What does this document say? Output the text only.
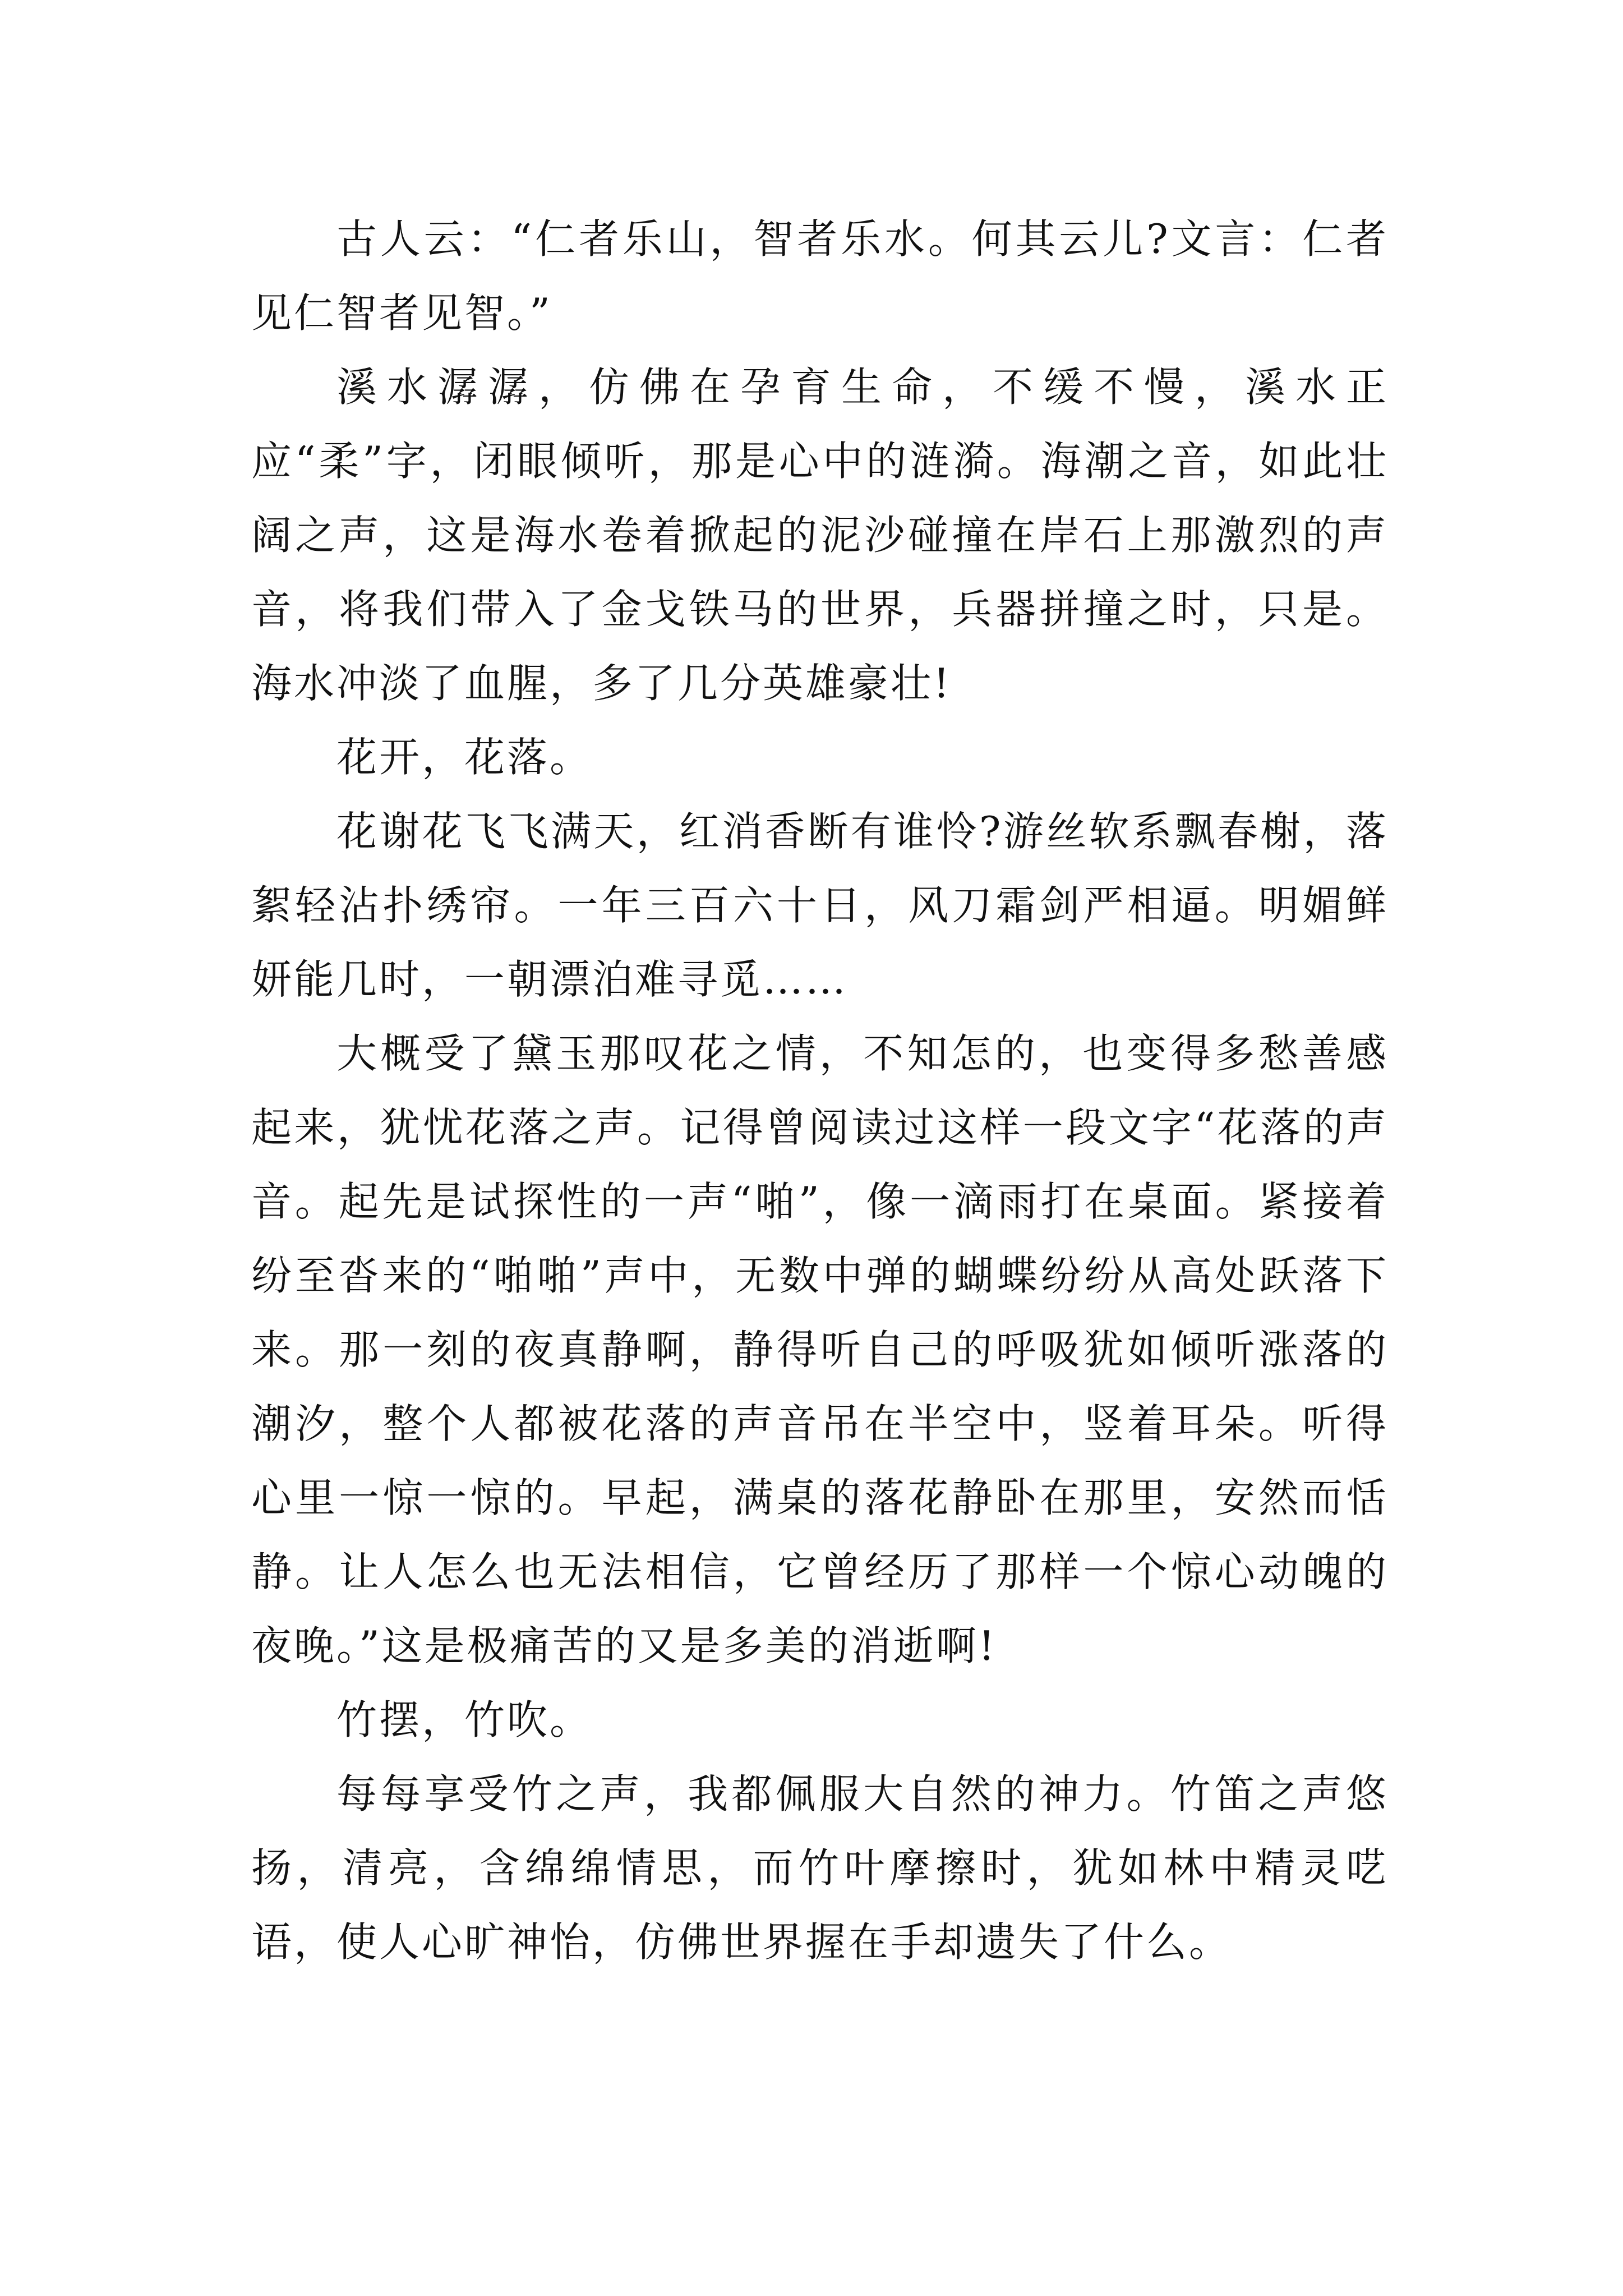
古人云：“仁者乐山，智者乐水。何其云儿?文言：仁者见仁智者见智。”

溪水潺潺，仿佛在孕育生命，不缓不慢，溪水正应“柔”字，闭眼倾听，那是心中的涟漪。海潮之音，如此壮阔之声，这是海水卷着掀起的泥沙碰撞在岸石上那激烈的声音，将我们带入了金戈铁马的世界，兵器拼撞之时，只是。海水冲淡了血腥，多了几分英雄豪壮!

花开，花落。

花谢花飞飞满天，红消香断有谁怜?游丝软系飘春榭，落絮轻沾扑绣帘。一年三百六十日，风刀霜剑严相逼。明媚鲜妍能几时，一朝漂泊难寻觅……

大概受了黛玉那叹花之情，不知怎的，也变得多愁善感起来，犹忧花落之声。记得曾阅读过这样一段文字“花落的声音。起先是试探性的一声“啪”，像一滴雨打在桌面。紧接着纷至沓来的“啪啪”声中，无数中弹的蝴蝶纷纷从高处跃落下来。那一刻的夜真静啊，静得听自己的呼吸犹如倾听涨落的潮汐，整个人都被花落的声音吊在半空中，竖着耳朵。听得心里一惊一惊的。早起，满桌的落花静卧在那里，安然而恬静。让人怎么也无法相信，它曾经历了那样一个惊心动魄的夜晚。”这是极痛苦的又是多美的消逝啊!

竹摆，竹吹。

每每享受竹之声，我都佩服大自然的神力。竹笛之声悠扬，清亮，含绵绵情思，而竹叶摩擦时，犹如林中精灵呓语，使人心旷神怡，仿佛世界握在手却遗失了什么。
